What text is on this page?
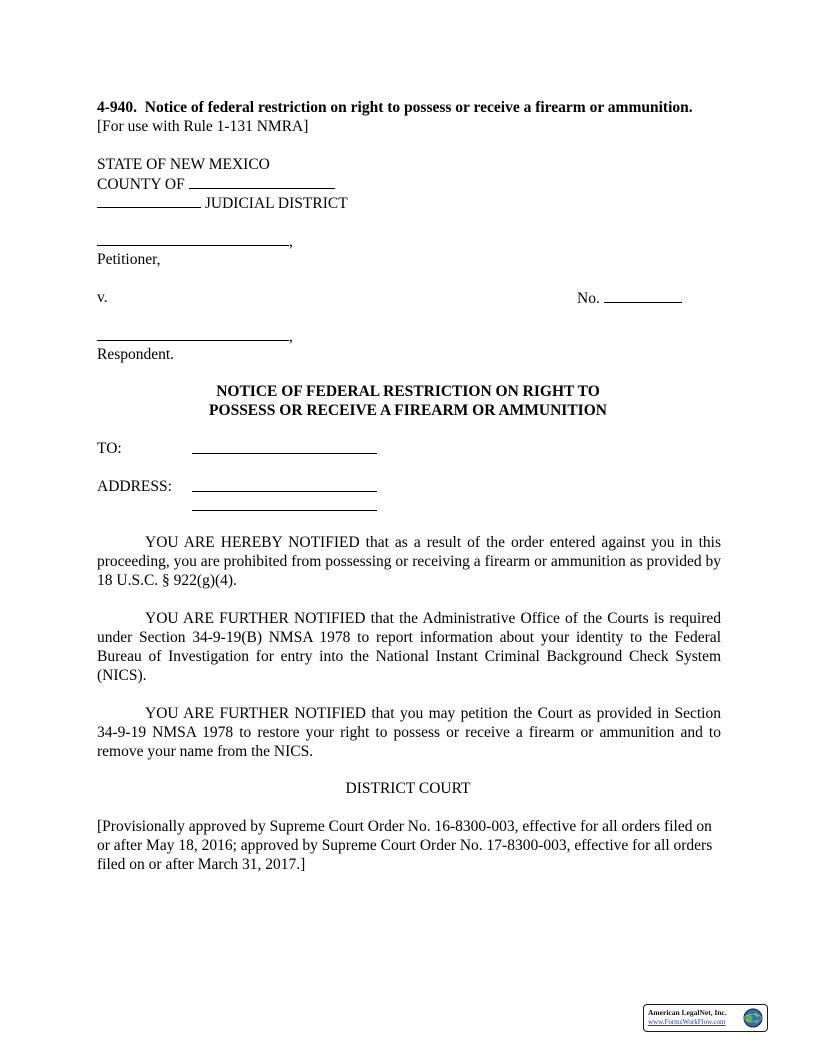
4-940. Notice of federal restriction on right to possess or receive a firearm or ammunition.
[For use with Rule 1-131 NMRA]
STATE OF NEW MEXICO
COUNTY OF
JUDICIAL DISTRICT
,
Petitioner,
v.	No.
,
Respondent.
NOTICE OF FEDERAL RESTRICTION ON RIGHT TO
POSSESS OR RECEIVE A FIREARM OR AMMUNITION
TO:
ADDRESS:
YOU ARE HEREBY NOTIFIED that as a result of the order entered against you in this proceeding, you are prohibited from possessing or receiving a firearm or ammunition as provided by 18 U.S.C. § 922(g)(4).
YOU ARE FURTHER NOTIFIED that the Administrative Office of the Courts is required under Section 34-9-19(B) NMSA 1978 to report information about your identity to the Federal Bureau of Investigation for entry into the National Instant Criminal Background Check System (NICS).
YOU ARE FURTHER NOTIFIED that you may petition the Court as provided in Section 34-9-19 NMSA 1978 to restore your right to possess or receive a firearm or ammunition and to remove your name from the NICS.
DISTRICT COURT
[Provisionally approved by Supreme Court Order No. 16-8300-003, effective for all orders filed on or after May 18, 2016; approved by Supreme Court Order No. 17-8300-003, effective for all orders filed on or after March 31, 2017.]
American LegalNet, Inc.
www.FormsWorkFlow.com
